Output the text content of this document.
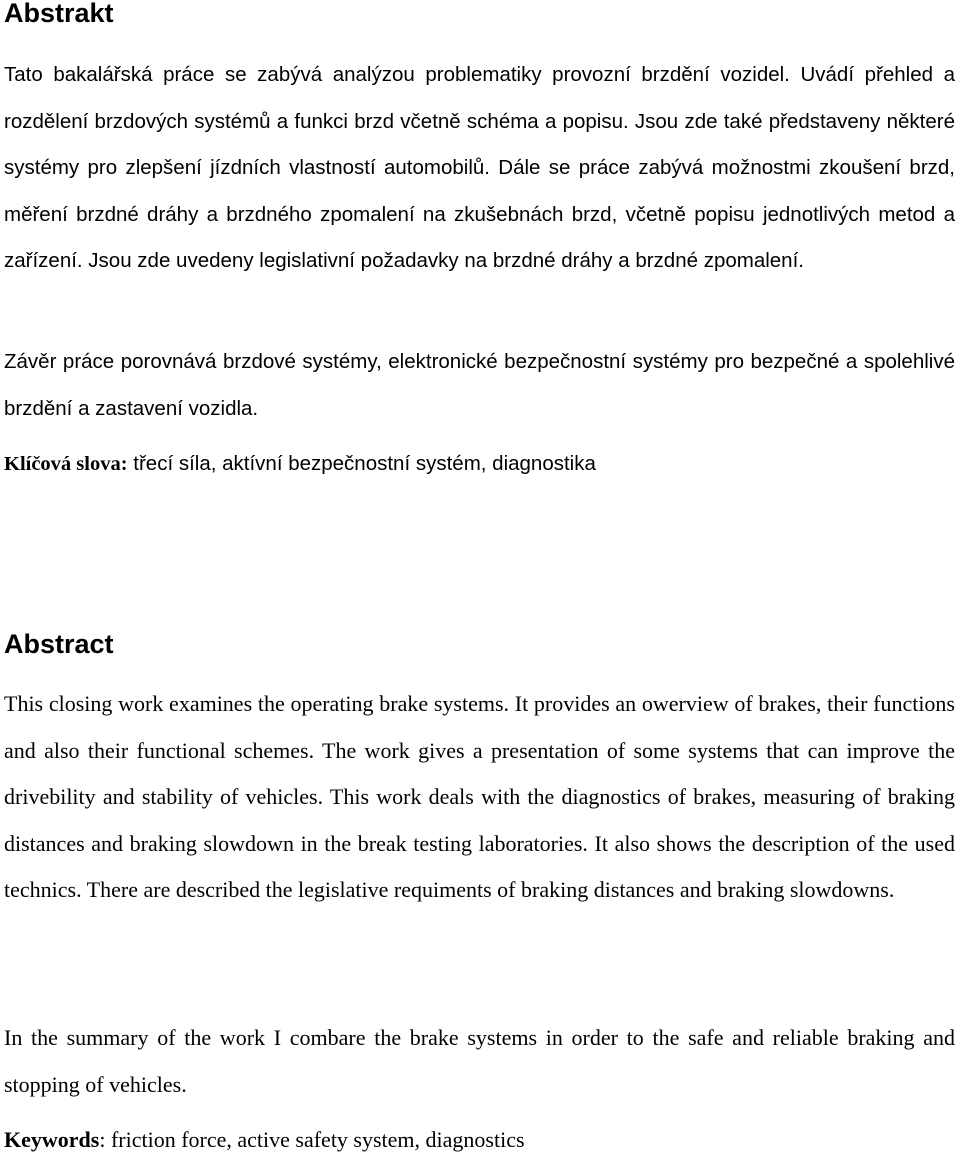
Abstrakt

Tato bakalářská práce se zabývá analýzou problematiky provozní brzdění vozidel. Uvádí přehled a rozdělení brzdových systémů a funkci brzd včetně schéma a popisu. Jsou zde také představeny některé systémy pro zlepšení jízdních vlastností automobilů. Dále se práce zabývá možnostmi zkoušení brzd, měření brzdné dráhy a brzdného zpomalení na zkušebnách brzd, včetně popisu jednotlivých metod a zařízení. Jsou zde uvedeny legislativní požadavky na brzdné dráhy a brzdné zpomalení.

Závěr práce porovnává brzdové systémy, elektronické bezpečnostní systémy pro bezpečné a spolehlivé brzdění a zastavení vozidla.

Klíčová slova: třecí síla, aktívní bezpečnostní systém, diagnostika

Abstract

This closing work examines the operating brake systems. It provides an owerview of brakes, their functions and also their functional schemes. The work gives a presentation of some systems that can improve the drivebility and stability of vehicles. This work deals with the diagnostics of brakes, measuring of braking distances and braking slowdown in the break testing laboratories. It also shows the description of the used technics. There are described the legislative requiments of braking distances and braking slowdowns.

In the summary of the work I combare the brake systems in order to the safe and reliable braking and stopping of vehicles.

Keywords: friction force, active safety system, diagnostics
